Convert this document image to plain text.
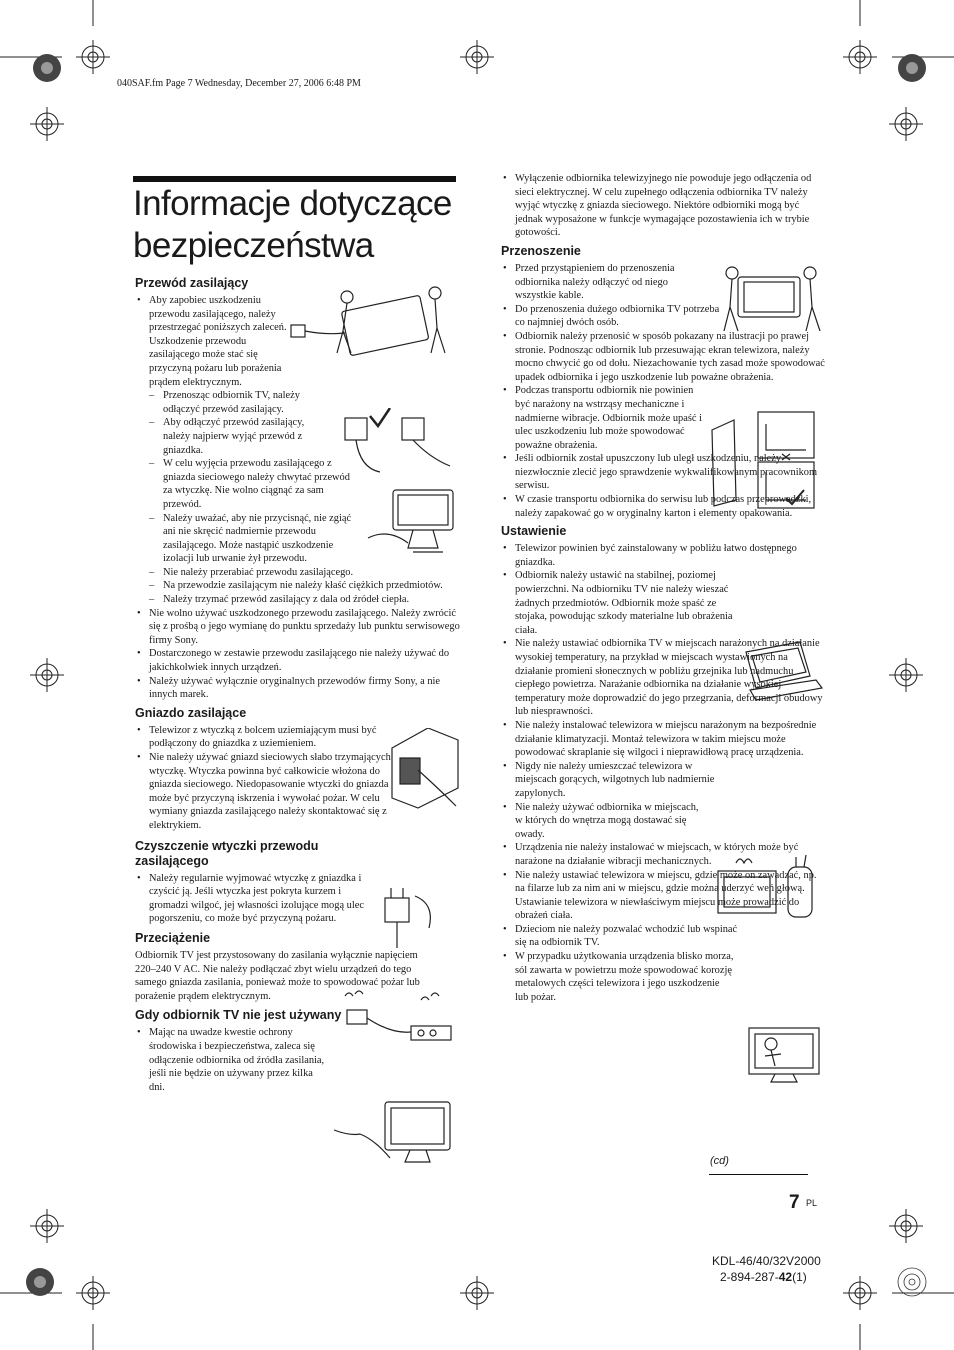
040SAF.fm Page 7 Wednesday, December 27, 2006 6:48 PM
Informacje dotyczące bezpieczeństwa
Przewód zasilający
• Aby zapobiec uszkodzeniu przewodu zasilającego, należy przestrzegać poniższych zaleceń. Uszkodzenie przewodu zasilającego może stać się przyczyną pożaru lub porażenia prądem elektrycznym.
– Przenosząc odbiornik TV, należy odłączyć przewód zasilający.
– Aby odłączyć przewód zasilający, należy najpierw wyjąć przewód z gniazdka.
– W celu wyjęcia przewodu zasilającego z gniazda sieciowego należy chwytać przewód za wtyczkę. Nie wolno ciągnąć za sam przewód.
– Należy uważać, aby nie przycisnąć, nie zgiąć ani nie skręcić nadmiernie przewodu zasilającego. Może nastąpić uszkodzenie izolacji lub urwanie żył przewodu.
– Nie należy przerabiać przewodu zasilającego.
– Na przewodzie zasilającym nie należy kłaść ciężkich przedmiotów.
– Należy trzymać przewód zasilający z dala od źródeł ciepła.
• Nie wolno używać uszkodzonego przewodu zasilającego. Należy zwrócić się z prośbą o jego wymianę do punktu sprzedaży lub punktu serwisowego firmy Sony.
• Dostarczonego w zestawie przewodu zasilającego nie należy używać do jakichkolwiek innych urządzeń.
• Należy używać wyłącznie oryginalnych przewodów firmy Sony, a nie innych marek.
Gniazdo zasilające
• Telewizor z wtyczką z bolcem uziemiającym musi być podłączony do gniazdka z uziemieniem.
• Nie należy używać gniazd sieciowych słabo trzymających wtyczkę. Wtyczka powinna być całkowicie włożona do gniazda sieciowego. Niedopasowanie wtyczki do gniazda może być przyczyną iskrzenia i wywołać pożar. W celu wymiany gniazda zasilającego należy skontaktować się z elektrykiem.
Czyszczenie wtyczki przewodu zasilającego
• Należy regularnie wyjmować wtyczkę z gniazdka i czyścić ją. Jeśli wtyczka jest pokryta kurzem i gromadzi wilgoć, jej własności izolujące mogą ulec pogorszeniu, co może być przyczyną pożaru.
Przeciążenie

Odbiornik TV jest przystosowany do zasilania wyłącznie napięciem 220–240 V AC. Nie należy podłączać zbyt wielu urządzeń do tego samego gniazda zasilania, ponieważ może to spowodować pożar lub porażenie prądem elektrycznym.

Gdy odbiornik TV nie jest używany
• Mając na uwadze kwestie ochrony środowiska i bezpieczeństwa, zaleca się odłączenie odbiornika od źródła zasilania, jeśli nie będzie on używany przez kilka dni.
• Wyłączenie odbiornika telewizyjnego nie powoduje jego odłączenia od sieci elektrycznej. W celu zupełnego odłączenia odbiornika TV należy wyjąć wtyczkę z gniazda sieciowego. Niektóre odbiorniki mogą być jednak wyposażone w funkcje wymagające pozostawienia ich w trybie gotowości.
Przenoszenie
• Przed przystąpieniem do przenoszenia odbiornika należy odłączyć od niego wszystkie kable.
• Do przenoszenia dużego odbiornika TV potrzeba co najmniej dwóch osób.
• Odbiornik należy przenosić w sposób pokazany na ilustracji po prawej stronie. Podnosząc odbiornik lub przesuwając ekran telewizora, należy mocno chwycić go od dołu. Niezachowanie tych zasad może spowodować upadek odbiornika i jego uszkodzenie lub poważne obrażenia.
• Podczas transportu odbiornik nie powinien być narażony na wstrząsy mechaniczne i nadmierne wibracje. Odbiornik może upaść i ulec uszkodzeniu lub może spowodować poważne obrażenia.
• Jeśli odbiornik został upuszczony lub uległ uszkodzeniu, należy niezwłocznie zlecić jego sprawdzenie wykwalifikowanym pracownikom serwisu.
• W czasie transportu odbiornika do serwisu lub podczas przeprowadzki, należy zapakować go w oryginalny karton i elementy opakowania.
Ustawienie
• Telewizor powinien być zainstalowany w pobliżu łatwo dostępnego gniazdka.
• Odbiornik należy ustawić na stabilnej, poziomej powierzchni. Na odbiorniku TV nie należy wieszać żadnych przedmiotów. Odbiornik może spaść ze stojaka, powodując szkody materialne lub obrażenia ciała.
• Nie należy ustawiać odbiornika TV w miejscach narażonych na działanie wysokiej temperatury, na przykład w miejscach wystawionych na działanie promieni słonecznych w pobliżu grzejnika lub nadmuchu ciepłego powietrza. Narażanie odbiornika na działanie wysokiej temperatury może doprowadzić do jego przegrzania, deformacji obudowy lub niesprawności.
• Nie należy instalować telewizora w miejscu narażonym na bezpośrednie działanie klimatyzacji. Montaż telewizora w takim miejscu może powodować skraplanie się wilgoci i nieprawidłową pracę urządzenia.
• Nigdy nie należy umieszczać telewizora w miejscach gorących, wilgotnych lub nadmiernie zapylonych.
• Nie należy używać odbiornika w miejscach, w których do wnętrza mogą dostawać się owady.
• Urządzenia nie należy instalować w miejscach, w których może być narażone na działanie wibracji mechanicznych.
• Nie należy ustawiać telewizora w miejscu, gdzie może on zawadzać, np. na filarze lub za nim ani w miejscu, gdzie można uderzyć weń głową. Ustawianie telewizora w niewłaściwym miejscu może prowadzić do obrażeń ciała.
• Dzieciom nie należy pozwalać wchodzić lub wspinać się na odbiornik TV.
• W przypadku użytkowania urządzenia blisko morza, sól zawarta w powietrzu może spowodować korozję metalowych części telewizora i jego uszkodzenie lub pożar.
(cd)
7 PL
KDL-46/40/32V2000
2-894-287-42(1)
